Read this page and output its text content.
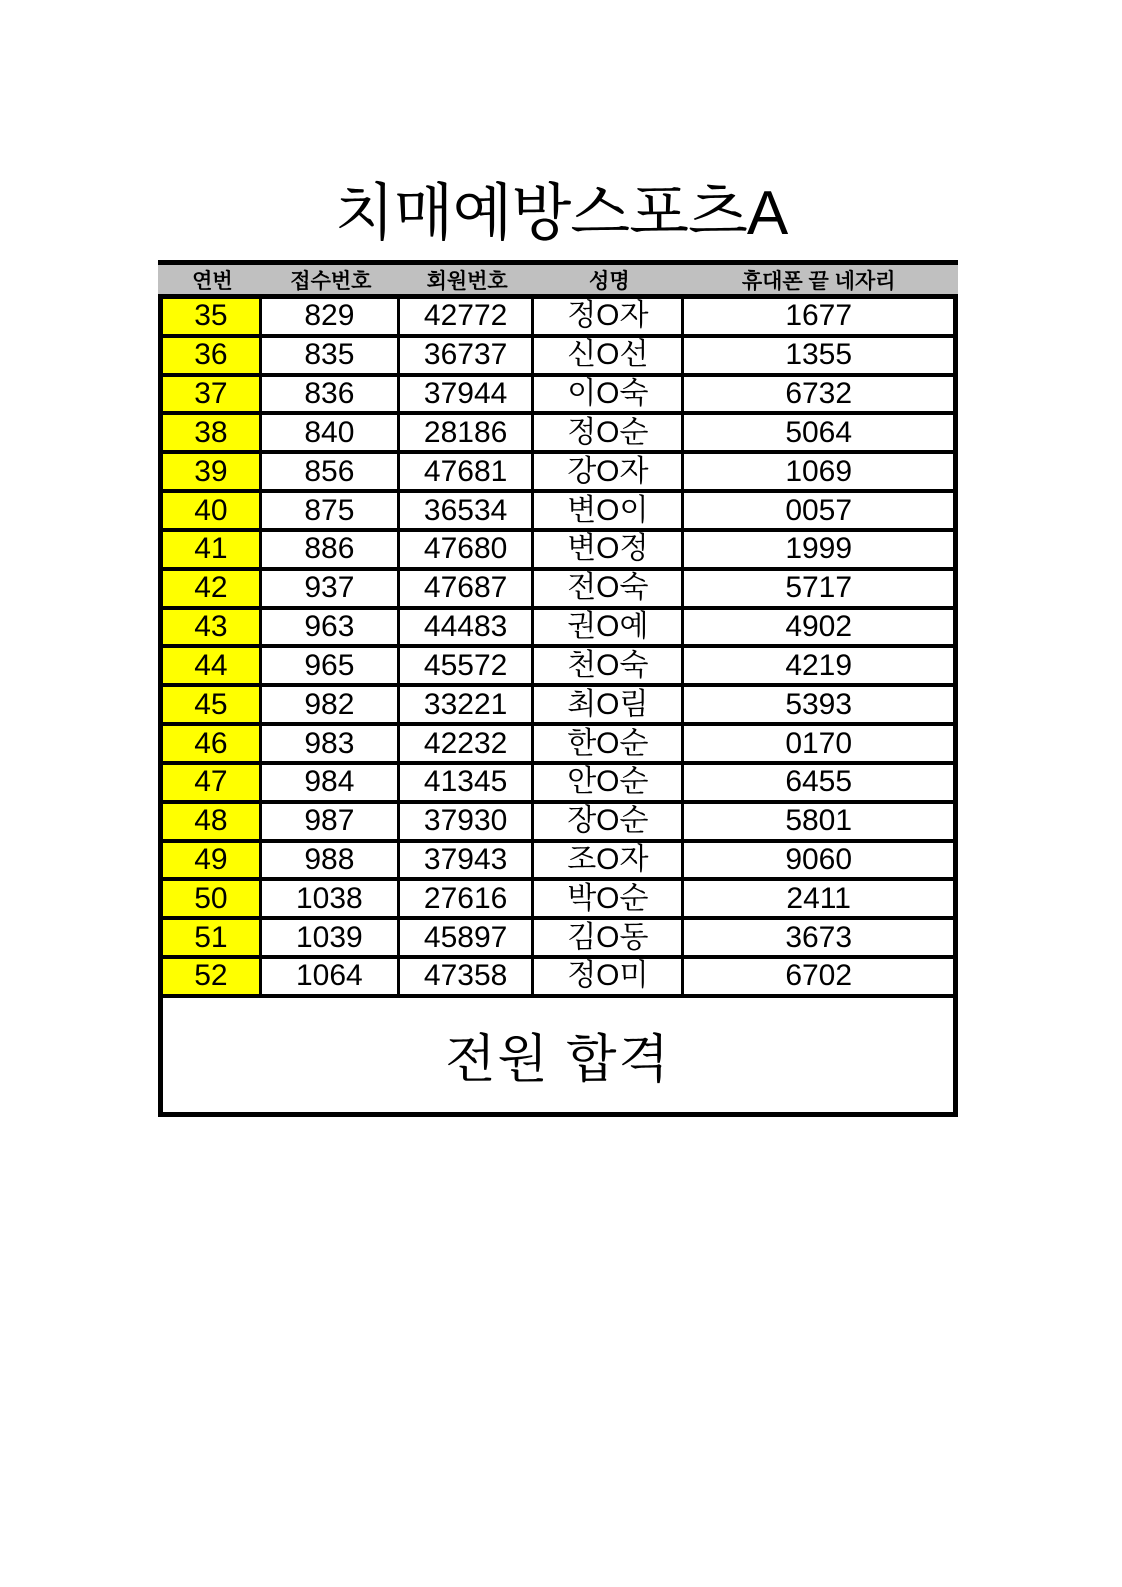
치매예방스포츠A
연번	접수번호	회원번호	성명	휴대폰 끝 네자리
35	829	42772	정O자	1677
36	835	36737	신O선	1355
37	836	37944	이O숙	6732
38	840	28186	정O순	5064
39	856	47681	강O자	1069
40	875	36534	변O이	0057
41	886	47680	변O정	1999
42	937	47687	전O숙	5717
43	963	44483	권O예	4902
44	965	45572	천O숙	4219
45	982	33221	최O림	5393
46	983	42232	한O순	0170
47	984	41345	안O순	6455
48	987	37930	장O순	5801
49	988	37943	조O자	9060
50	1038	27616	박O순	2411
51	1039	45897	김O동	3673
52	1064	47358	정O미	6702
전원 합격
